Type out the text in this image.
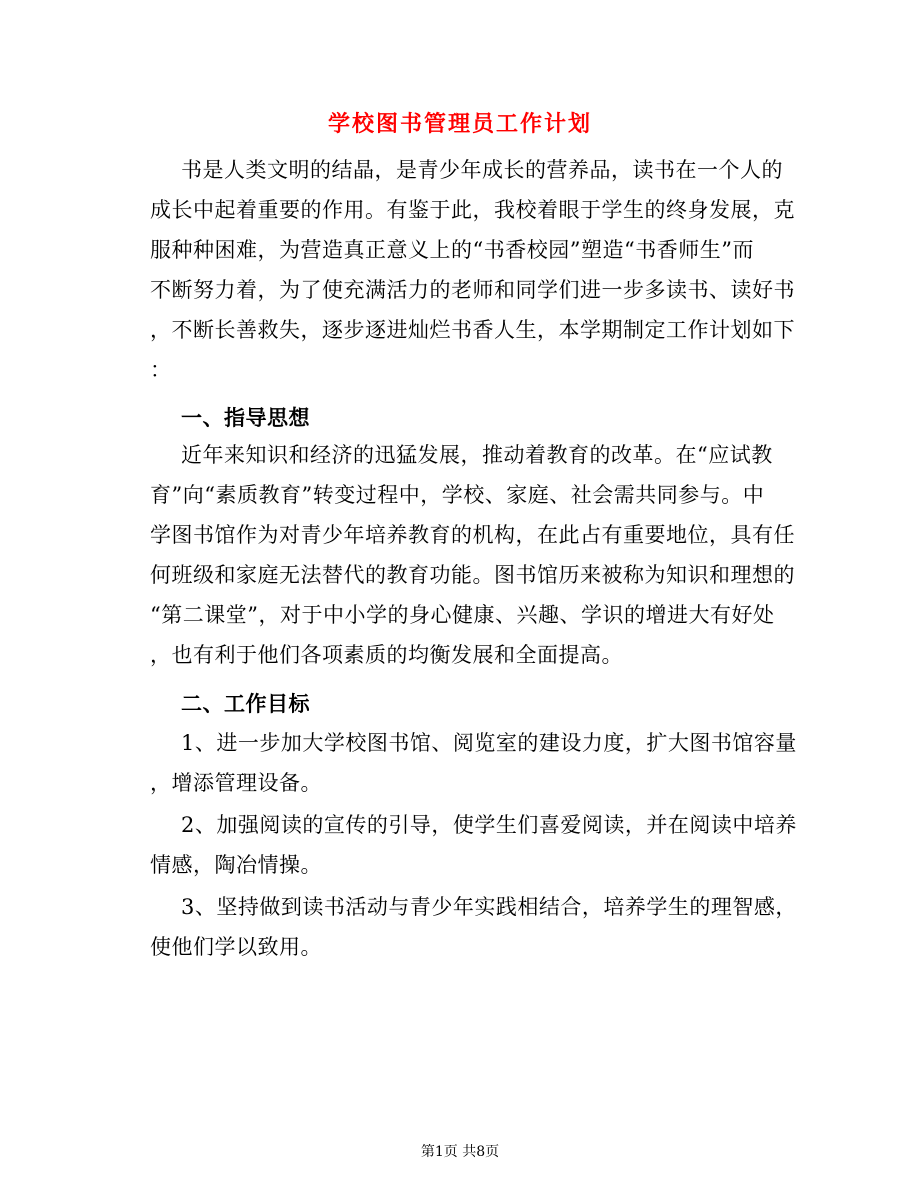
学校图书管理员工作计划
书是人类文明的结晶，是青少年成长的营养品，读书在一个人的
成长中起着重要的作用。有鉴于此，我校着眼于学生的终身发展，克
服种种困难，为营造真正意义上的“书香校园”塑造“书香师生”而
不断努力着，为了使充满活力的老师和同学们进一步多读书、读好书
，不断长善救失，逐步逐进灿烂书香人生，本学期制定工作计划如下
：
一、指导思想
近年来知识和经济的迅猛发展，推动着教育的改革。在“应试教
育”向“素质教育”转变过程中，学校、家庭、社会需共同参与。中
学图书馆作为对青少年培养教育的机构，在此占有重要地位，具有任
何班级和家庭无法替代的教育功能。图书馆历来被称为知识和理想的
“第二课堂”，对于中小学的身心健康、兴趣、学识的增进大有好处
，也有利于他们各项素质的均衡发展和全面提高。
二、工作目标
1、进一步加大学校图书馆、阅览室的建设力度，扩大图书馆容量
，增添管理设备。
2、加强阅读的宣传的引导，使学生们喜爱阅读，并在阅读中培养
情感，陶冶情操。
3、坚持做到读书活动与青少年实践相结合，培养学生的理智感，
使他们学以致用。
第1页 共8页
